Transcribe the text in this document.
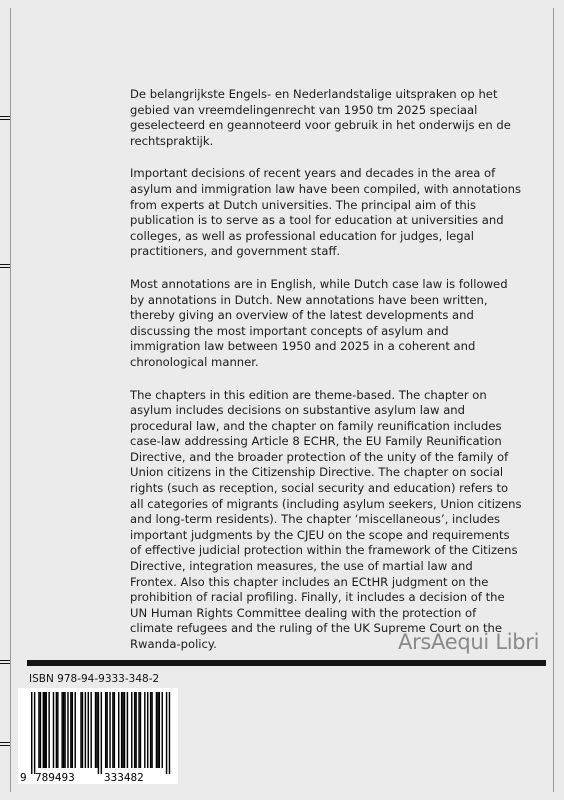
De belangrijkste Engels- en Nederlandstalige uitspraken op het gebied van vreemdelingenrecht van 1950 tm 2025 speciaal geselecteerd en geannoteerd voor gebruik in het onderwijs en de rechtspraktijk.

Important decisions of recent years and decades in the area of asylum and immigration law have been compiled, with annotations from experts at Dutch universities. The principal aim of this publication is to serve as a tool for education at universities and colleges, as well as professional education for judges, legal practitioners, and government staff.

Most annotations are in English, while Dutch case law is followed by annotations in Dutch. New annotations have been written, thereby giving an overview of the latest developments and discussing the most important concepts of asylum and immigration law between 1950 and 2025 in a coherent and chronological manner.

The chapters in this edition are theme-based. The chapter on asylum includes decisions on substantive asylum law and procedural law, and the chapter on family reunification includes case-law addressing Article 8 ECHR, the EU Family Reunification Directive, and the broader protection of the unity of the family of Union citizens in the Citizenship Directive. The chapter on social rights (such as reception, social security and education) refers to all categories of migrants (including asylum seekers, Union citizens and long-term residents). The chapter ‘miscellaneous’, includes important judgments by the CJEU on the scope and requirements of effective judicial protection within the framework of the Citizens Directive, integration measures, the use of martial law and Frontex. Also this chapter includes an ECtHR judgment on the prohibition of racial profiling. Finally, it includes a decision of the UN Human Rights Committee dealing with the protection of climate refugees and the ruling of the UK Supreme Court on the Rwanda-policy.	ArsAequi Libri
ISBN 978-94-9333-348-2
9 789493	333482
